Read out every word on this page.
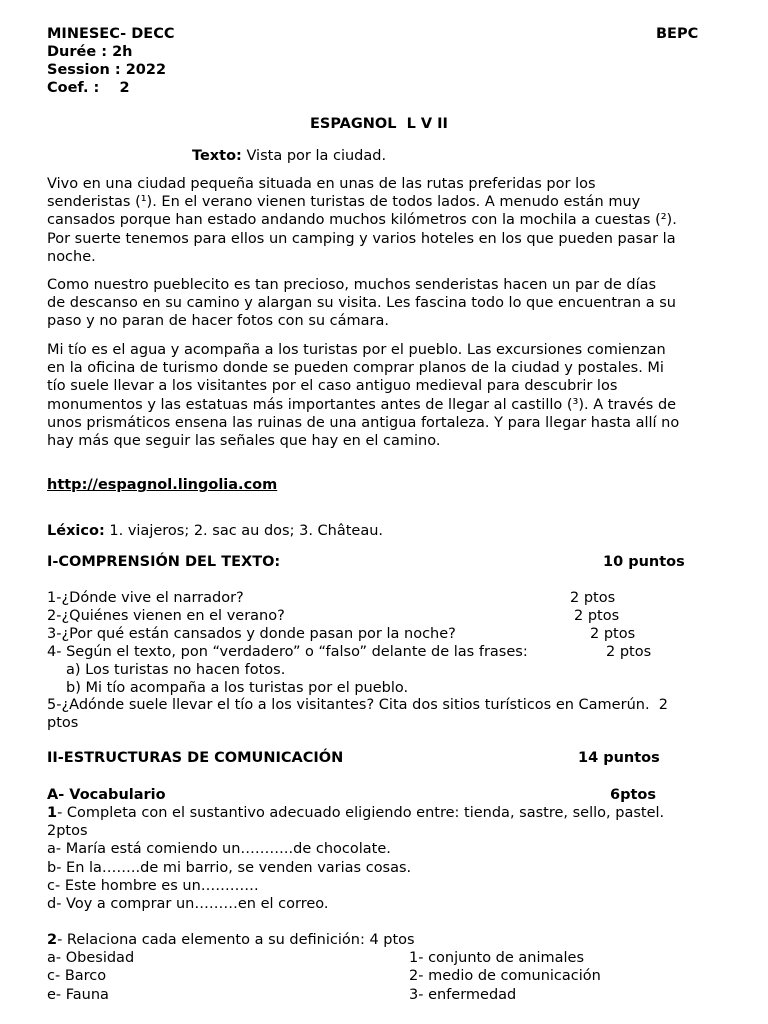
MINESEC- DECC	BEPC
Durée : 2h
Session : 2022
Coef. :    2
ESPAGNOL  L V II
Texto: Vista por la ciudad.
Vivo en una ciudad pequeña situada en unas de las rutas preferidas por los
senderistas (¹). En el verano vienen turistas de todos lados. A menudo están muy
cansados porque han estado andando muchos kilómetros con la mochila a cuestas (²).
Por suerte tenemos para ellos un camping y varios hoteles en los que pueden pasar la
noche.
Como nuestro pueblecito es tan precioso, muchos senderistas hacen un par de días
de descanso en su camino y alargan su visita. Les fascina todo lo que encuentran a su
paso y no paran de hacer fotos con su cámara.
Mi tío es el agua y acompaña a los turistas por el pueblo. Las excursiones comienzan
en la oficina de turismo donde se pueden comprar planos de la ciudad y postales. Mi
tío suele llevar a los visitantes por el caso antiguo medieval para descubrir los
monumentos y las estatuas más importantes antes de llegar al castillo (³). A través de
unos prismáticos ensena las ruinas de una antigua fortaleza. Y para llegar hasta allí no
hay más que seguir las señales que hay en el camino.
http://espagnol.lingolia.com
Léxico: 1. viajeros; 2. sac au dos; 3. Château.
I-COMPRENSIÓN DEL TEXTO:	10 puntos
1-¿Dónde vive el narrador?	2 ptos
2-¿Quiénes vienen en el verano?	2 ptos
3-¿Por qué están cansados y donde pasan por la noche?	2 ptos
4- Según el texto, pon “verdadero” o “falso” delante de las frases:	2 ptos
a) Los turistas no hacen fotos.
b) Mi tío acompaña a los turistas por el pueblo.
5-¿Adónde suele llevar el tío a los visitantes? Cita dos sitios turísticos en Camerún.  2
ptos
II-ESTRUCTURAS DE COMUNICACIÓN	14 puntos
A- Vocabulario	6ptos
1- Completa con el sustantivo adecuado eligiendo entre: tienda, sastre, sello, pastel.
2ptos
a- María está comiendo un………..de chocolate.
b- En la……..de mi barrio, se venden varias cosas.
c- Este hombre es un…………
d- Voy a comprar un………en el correo.
2- Relaciona cada elemento a su definición: 4 ptos
a- Obesidad	1- conjunto de animales
c- Barco	2- medio de comunicación
e- Fauna	3- enfermedad
